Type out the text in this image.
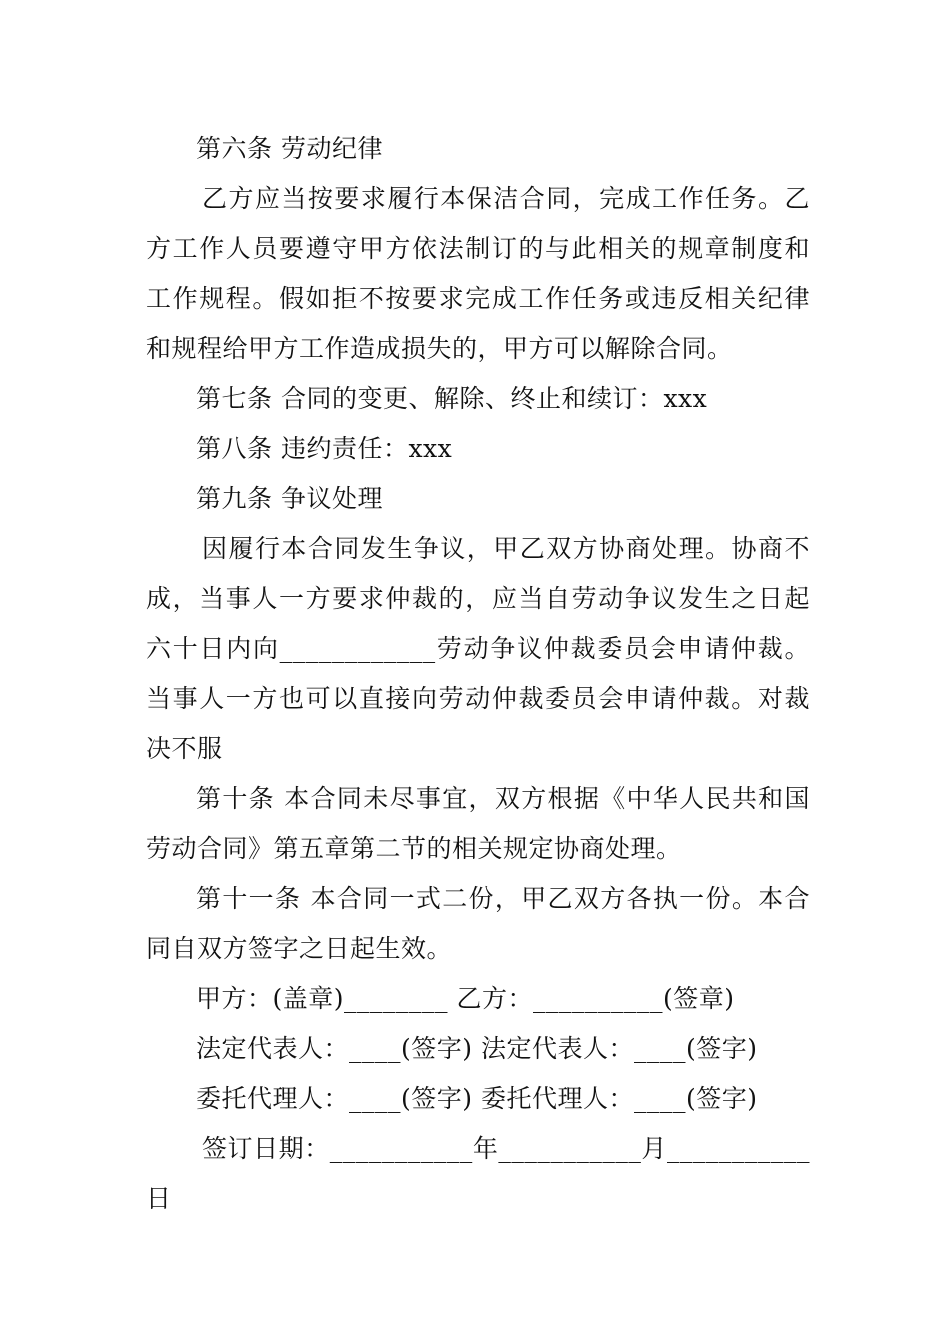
第六条 劳动纪律
乙方应当按要求履行本保洁合同，完成工作任务。乙
方工作人员要遵守甲方依法制订的与此相关的规章制度和
工作规程。假如拒不按要求完成工作任务或违反相关纪律
和规程给甲方工作造成损失的，甲方可以解除合同。
第七条 合同的变更、解除、终止和续订：xxx
第八条 违约责任：xxx
第九条 争议处理
因履行本合同发生争议，甲乙双方协商处理。协商不
成，当事人一方要求仲裁的，应当自劳动争议发生之日起
六十日内向____________劳动争议仲裁委员会申请仲裁。
当事人一方也可以直接向劳动仲裁委员会申请仲裁。对裁
决不服
第十条 本合同未尽事宜，双方根据《中华人民共和国
劳动合同》第五章第二节的相关规定协商处理。
第十一条 本合同一式二份，甲乙双方各执一份。本合
同自双方签字之日起生效。
甲方：(盖章)________ 乙方：__________(签章)
法定代表人：____(签字) 法定代表人：____(签字)
委托代理人：____(签字) 委托代理人：____(签字)
签订日期：___________年___________月___________
日
